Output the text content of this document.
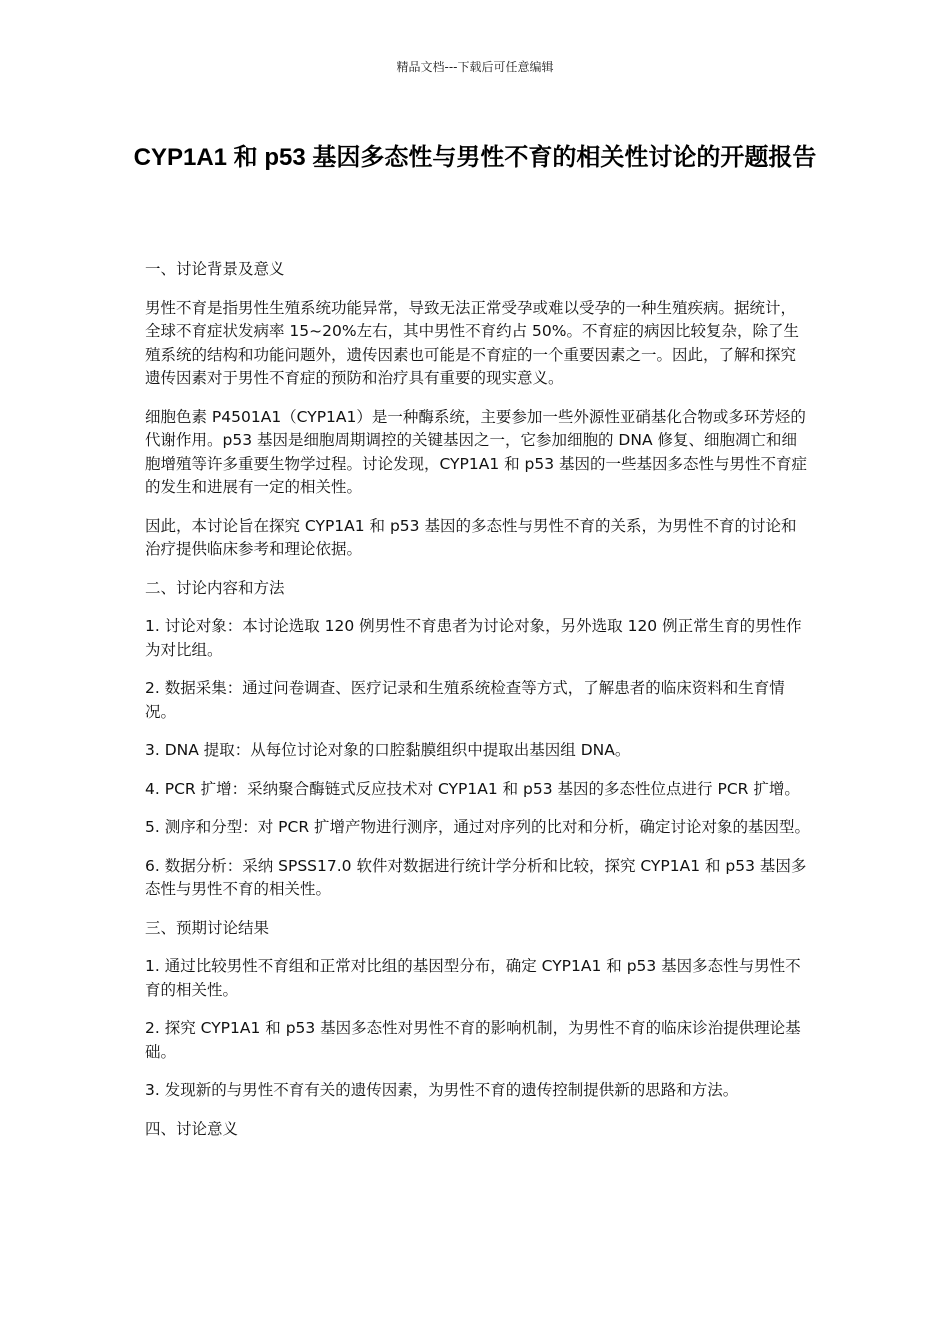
精品文档---下载后可任意编辑
CYP1A1 和 p53 基因多态性与男性不育的相关性讨论的开题报告

一、讨论背景及意义

男性不育是指男性生殖系统功能异常，导致无法正常受孕或难以受孕的一种生殖疾病。据统计，全球不育症状发病率 15~20%左右，其中男性不育约占 50%。不育症的病因比较复杂，除了生殖系统的结构和功能问题外，遗传因素也可能是不育症的一个重要因素之一。因此，了解和探究遗传因素对于男性不育症的预防和治疗具有重要的现实意义。

细胞色素 P4501A1（CYP1A1）是一种酶系统，主要参加一些外源性亚硝基化合物或多环芳烃的代谢作用。p53 基因是细胞周期调控的关键基因之一，它参加细胞的 DNA 修复、细胞凋亡和细胞增殖等许多重要生物学过程。讨论发现，CYP1A1 和 p53 基因的一些基因多态性与男性不育症的发生和进展有一定的相关性。

因此，本讨论旨在探究 CYP1A1 和 p53 基因的多态性与男性不育的关系，为男性不育的讨论和治疗提供临床参考和理论依据。

二、讨论内容和方法

1. 讨论对象：本讨论选取 120 例男性不育患者为讨论对象，另外选取 120 例正常生育的男性作为对比组。

2. 数据采集：通过问卷调查、医疗记录和生殖系统检查等方式，了解患者的临床资料和生育情况。

3. DNA 提取：从每位讨论对象的口腔黏膜组织中提取出基因组 DNA。

4. PCR 扩增：采纳聚合酶链式反应技术对 CYP1A1 和 p53 基因的多态性位点进行 PCR 扩增。

5. 测序和分型：对 PCR 扩增产物进行测序，通过对序列的比对和分析，确定讨论对象的基因型。

6. 数据分析：采纳 SPSS17.0 软件对数据进行统计学分析和比较，探究 CYP1A1 和 p53 基因多态性与男性不育的相关性。

三、预期讨论结果

1. 通过比较男性不育组和正常对比组的基因型分布，确定 CYP1A1 和 p53 基因多态性与男性不育的相关性。

2. 探究 CYP1A1 和 p53 基因多态性对男性不育的影响机制，为男性不育的临床诊治提供理论基础。

3. 发现新的与男性不育有关的遗传因素，为男性不育的遗传控制提供新的思路和方法。

四、讨论意义
